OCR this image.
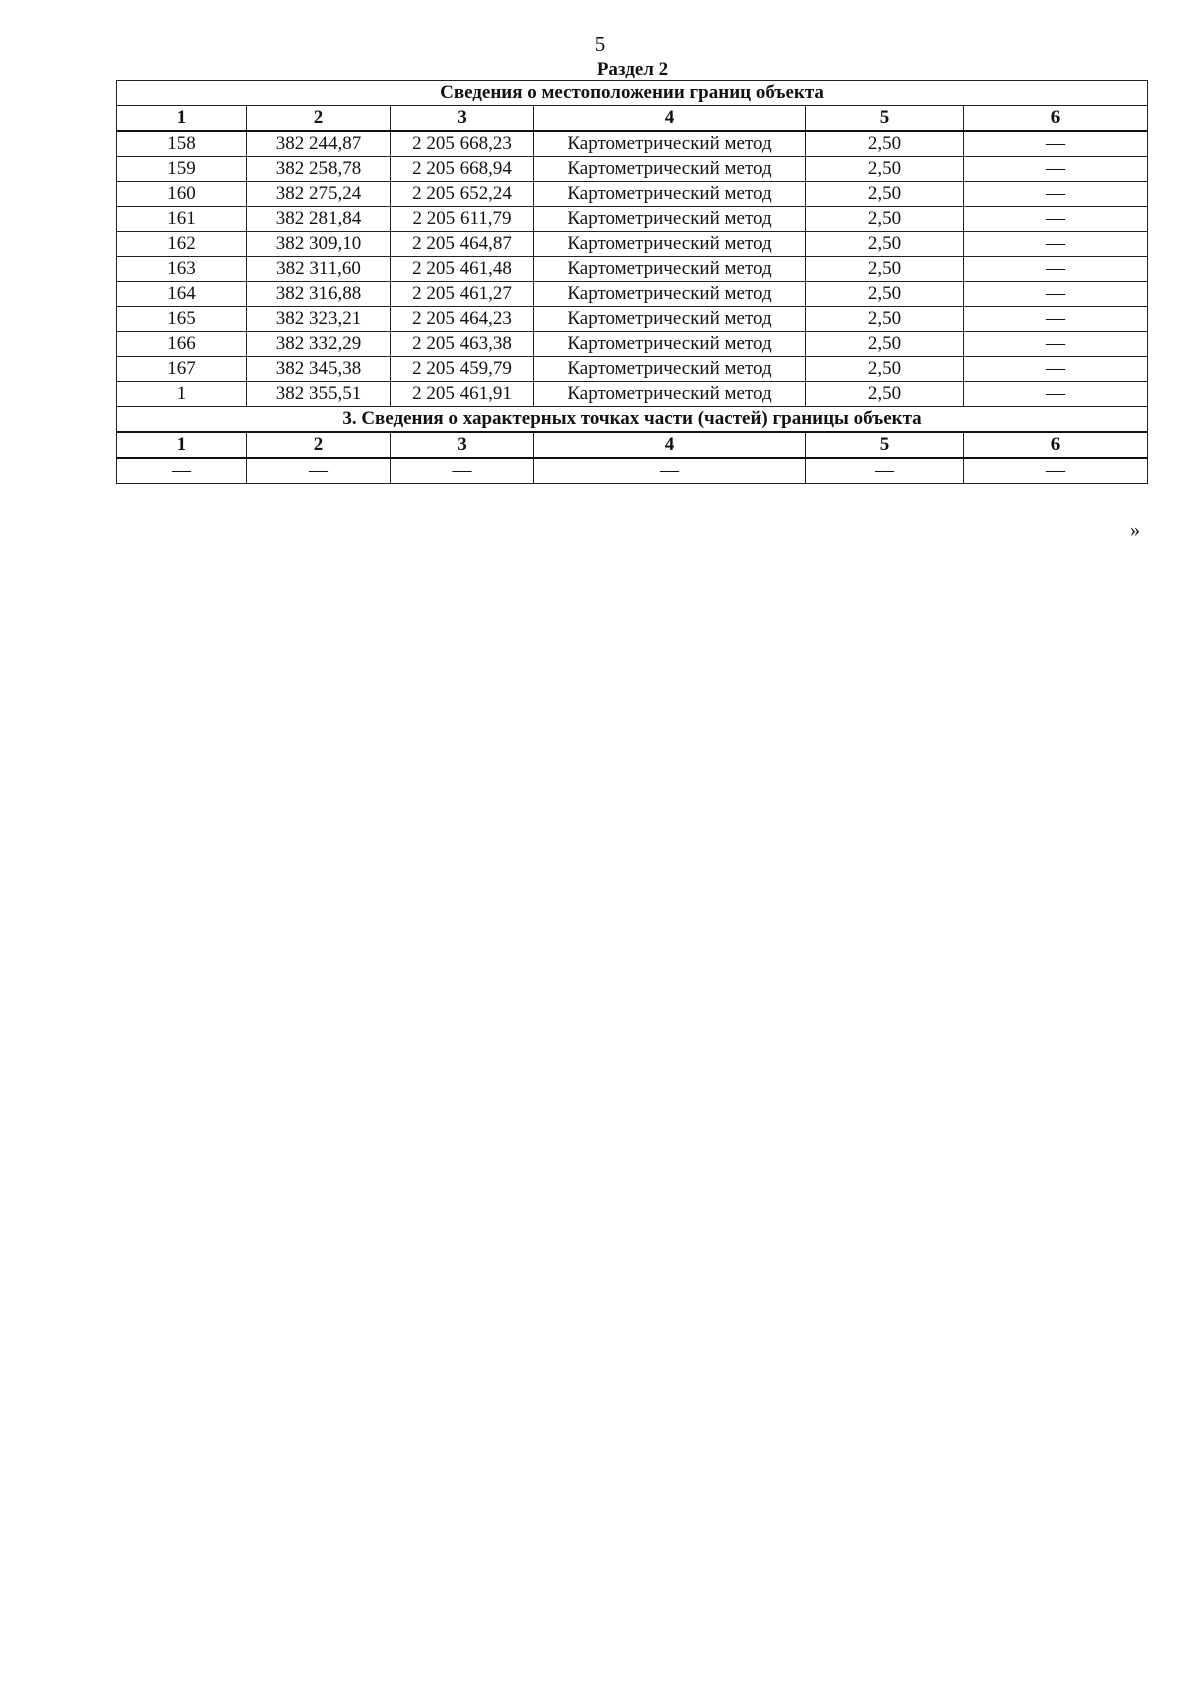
5
Раздел 2
Сведения о местоположении границ объекта					
1	2	3	4	5	6
158	382 244,87	2 205 668,23	Картометрический метод	2,50	—
159	382 258,78	2 205 668,94	Картометрический метод	2,50	—
160	382 275,24	2 205 652,24	Картометрический метод	2,50	—
161	382 281,84	2 205 611,79	Картометрический метод	2,50	—
162	382 309,10	2 205 464,87	Картометрический метод	2,50	—
163	382 311,60	2 205 461,48	Картометрический метод	2,50	—
164	382 316,88	2 205 461,27	Картометрический метод	2,50	—
165	382 323,21	2 205 464,23	Картометрический метод	2,50	—
166	382 332,29	2 205 463,38	Картометрический метод	2,50	—
167	382 345,38	2 205 459,79	Картометрический метод	2,50	—
1	382 355,51	2 205 461,91	Картометрический метод	2,50	—
3. Сведения о характерных точках части (частей) границы объекта					
1	2	3	4	5	6
—	—	—	—	—	—
»
